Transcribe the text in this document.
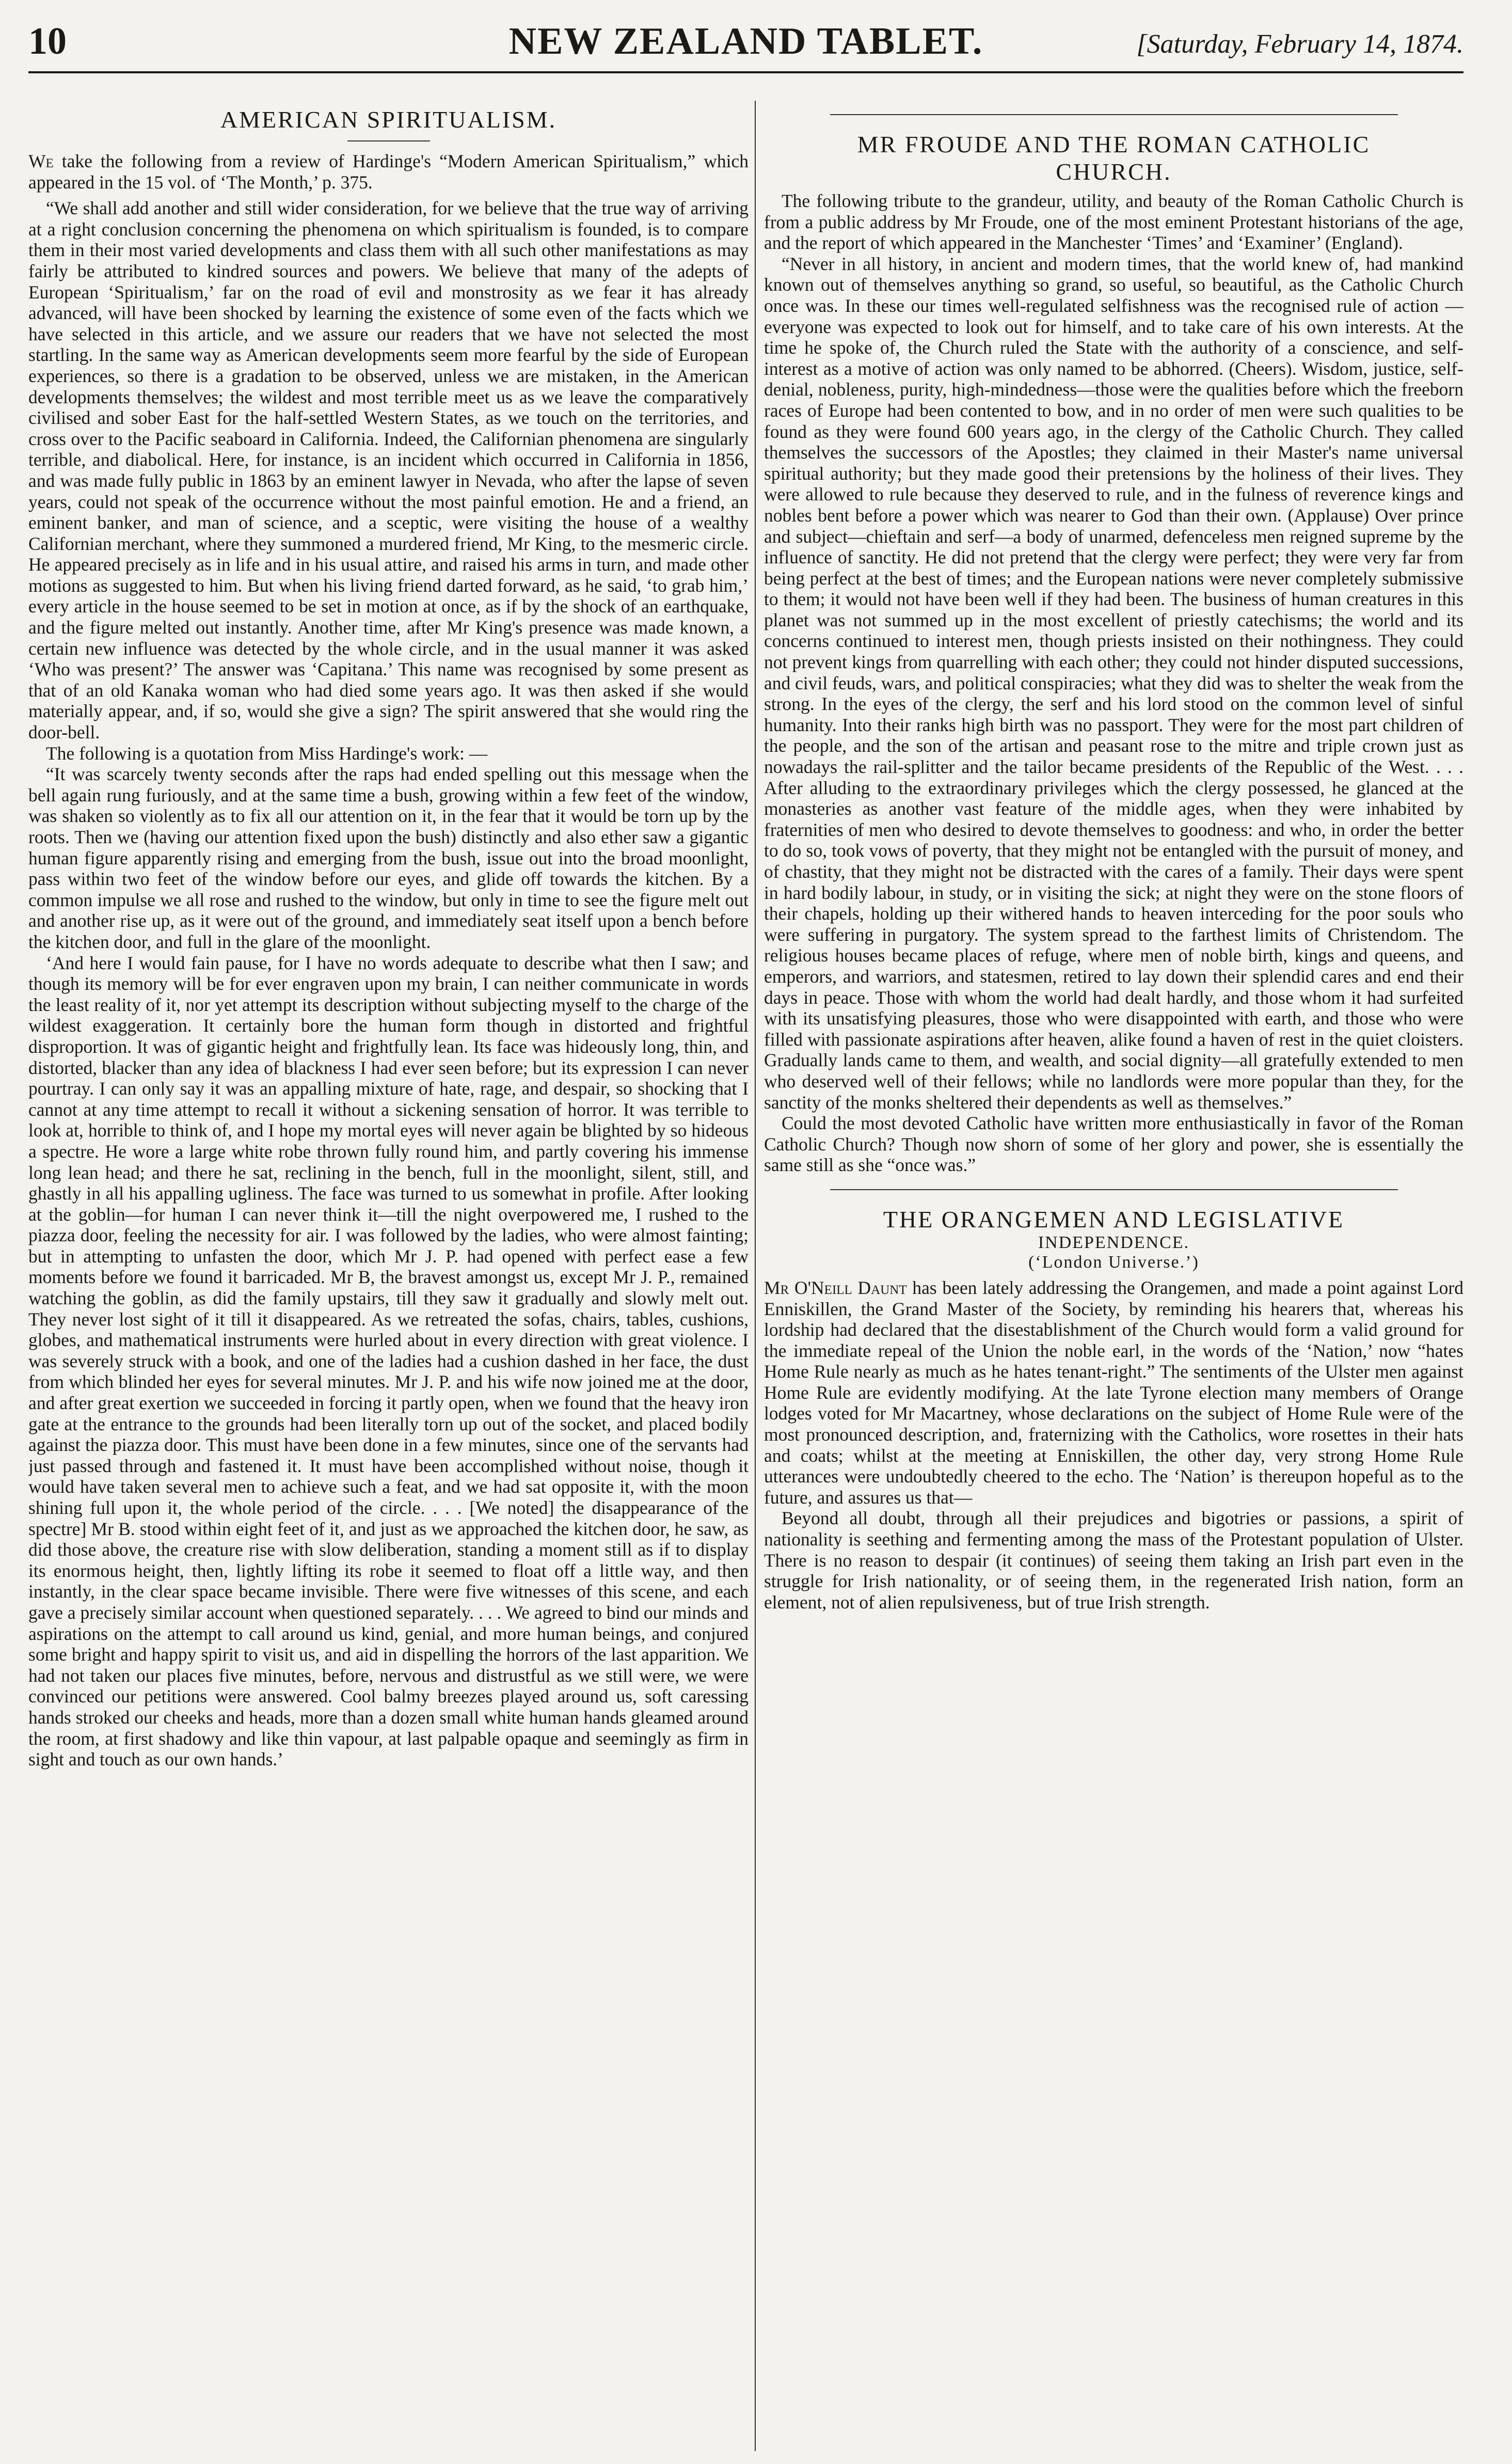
10	NEW ZEALAND TABLET.	[Saturday, February 14, 1874.
AMERICAN SPIRITUALISM.

We take the following from a review of Hardinge's “Modern American Spiritualism,” which appeared in the 15 vol. of ‘The Month,’ p. 375.

“We shall add another and still wider consideration, for we believe that the true way of arriving at a right conclusion concerning the phenomena on which spiritualism is founded, is to compare them in their most varied developments and class them with all such other manifestations as may fairly be attributed to kindred sources and powers. We believe that many of the adepts of European ‘Spiritualism,’ far on the road of evil and monstrosity as we fear it has already advanced, will have been shocked by learning the existence of some even of the facts which we have selected in this article, and we assure our readers that we have not selected the most startling. In the same way as American developments seem more fearful by the side of European experiences, so there is a gradation to be observed, unless we are mistaken, in the American developments themselves; the wildest and most terrible meet us as we leave the comparatively civilised and sober East for the half-settled Western States, as we touch on the territories, and cross over to the Pacific seaboard in California. Indeed, the Californian phenomena are singularly terrible, and diabolical. Here, for instance, is an incident which occurred in California in 1856, and was made fully public in 1863 by an eminent lawyer in Nevada, who after the lapse of seven years, could not speak of the occurrence without the most painful emotion. He and a friend, an eminent banker, and man of science, and a sceptic, were visiting the house of a wealthy Californian merchant, where they summoned a murdered friend, Mr King, to the mesmeric circle. He appeared precisely as in life and in his usual attire, and raised his arms in turn, and made other motions as suggested to him. But when his living friend darted forward, as he said, ‘to grab him,’ every article in the house seemed to be set in motion at once, as if by the shock of an earthquake, and the figure melted out instantly. Another time, after Mr King's presence was made known, a certain new influence was detected by the whole circle, and in the usual manner it was asked ‘Who was present?’ The answer was ‘Capitana.’ This name was recognised by some present as that of an old Kanaka woman who had died some years ago. It was then asked if she would materially appear, and, if so, would she give a sign? The spirit answered that she would ring the door-bell.

The following is a quotation from Miss Hardinge's work: —

“It was scarcely twenty seconds after the raps had ended spelling out this message when the bell again rung furiously, and at the same time a bush, growing within a few feet of the window, was shaken so violently as to fix all our attention on it, in the fear that it would be torn up by the roots. Then we (having our attention fixed upon the bush) distinctly and also ether saw a gigantic human figure apparently rising and emerging from the bush, issue out into the broad moonlight, pass within two feet of the window before our eyes, and glide off towards the kitchen. By a common impulse we all rose and rushed to the window, but only in time to see the figure melt out and another rise up, as it were out of the ground, and immediately seat itself upon a bench before the kitchen door, and full in the glare of the moonlight.

‘And here I would fain pause, for I have no words adequate to describe what then I saw; and though its memory will be for ever engraven upon my brain, I can neither communicate in words the least reality of it, nor yet attempt its description without subjecting myself to the charge of the wildest exaggeration. It certainly bore the human form though in distorted and frightful disproportion. It was of gigantic height and frightfully lean. Its face was hideously long, thin, and distorted, blacker than any idea of blackness I had ever seen before; but its expression I can never pourtray. I can only say it was an appalling mixture of hate, rage, and despair, so shocking that I cannot at any time attempt to recall it without a sickening sensation of horror. It was terrible to look at, horrible to think of, and I hope my mortal eyes will never again be blighted by so hideous a spectre. He wore a large white robe thrown fully round him, and partly covering his immense long lean head; and there he sat, reclining in the bench, full in the moonlight, silent, still, and ghastly in all his appalling ugliness. The face was turned to us somewhat in profile. After looking at the goblin—for human I can never think it—till the night overpowered me, I rushed to the piazza door, feeling the necessity for air. I was followed by the ladies, who were almost fainting; but in attempting to unfasten the door, which Mr J. P. had opened with perfect ease a few moments before we found it barricaded. Mr B, the bravest amongst us, except Mr J. P., remained watching the goblin, as did the family upstairs, till they saw it gradually and slowly melt out. They never lost sight of it till it disappeared. As we retreated the sofas, chairs, tables, cushions, globes, and mathematical instruments were hurled about in every direction with great violence. I was severely struck with a book, and one of the ladies had a cushion dashed in her face, the dust from which blinded her eyes for several minutes. Mr J. P. and his wife now joined me at the door, and after great exertion we succeeded in forcing it partly open, when we found that the heavy iron gate at the entrance to the grounds had been literally torn up out of the socket, and placed bodily against the piazza door. This must have been done in a few minutes, since one of the servants had just passed through and fastened it. It must have been accomplished without noise, though it would have taken several men to achieve such a feat, and we had sat opposite it, with the moon shining full upon it, the whole period of the circle. . . . [We noted] the disappearance of the spectre] Mr B. stood within eight feet of it, and just as we approached the kitchen door, he saw, as did those above, the creature rise with slow deliberation, standing a moment still as if to display its enormous height, then, lightly lifting its robe it seemed to float off a little way, and then instantly, in the clear space became invisible. There were five witnesses of this scene, and each gave a precisely similar account when questioned separately. . . . We agreed to bind our minds and aspirations on the attempt to call around us kind, genial, and more human beings, and conjured some bright and happy spirit to visit us, and aid in dispelling the horrors of the last apparition. We had not taken our places five minutes, before, nervous and distrustful as we still were, we were convinced our petitions were answered. Cool balmy breezes played around us, soft caressing hands stroked our cheeks and heads, more than a dozen small white human hands gleamed around the room, at first shadowy and like thin vapour, at last palpable opaque and seemingly as firm in sight and touch as our own hands.’

MR FROUDE AND THE ROMAN CATHOLIC
CHURCH.

The following tribute to the grandeur, utility, and beauty of the Roman Catholic Church is from a public address by Mr Froude, one of the most eminent Protestant historians of the age, and the report of which appeared in the Manchester ‘Times’ and ‘Examiner’ (England).

“Never in all history, in ancient and modern times, that the world knew of, had mankind known out of themselves anything so grand, so useful, so beautiful, as the Catholic Church once was. In these our times well-regulated selfishness was the recognised rule of action —everyone was expected to look out for himself, and to take care of his own interests. At the time he spoke of, the Church ruled the State with the authority of a conscience, and self-interest as a motive of action was only named to be abhorred. (Cheers). Wisdom, justice, self-denial, nobleness, purity, high-mindedness—those were the qualities before which the freeborn races of Europe had been contented to bow, and in no order of men were such qualities to be found as they were found 600 years ago, in the clergy of the Catholic Church. They called themselves the successors of the Apostles; they claimed in their Master's name universal spiritual authority; but they made good their pretensions by the holiness of their lives. They were allowed to rule because they deserved to rule, and in the fulness of reverence kings and nobles bent before a power which was nearer to God than their own. (Applause) Over prince and subject—chieftain and serf—a body of unarmed, defenceless men reigned supreme by the influence of sanctity. He did not pretend that the clergy were perfect; they were very far from being perfect at the best of times; and the European nations were never completely submissive to them; it would not have been well if they had been. The business of human creatures in this planet was not summed up in the most excellent of priestly catechisms; the world and its concerns continued to interest men, though priests insisted on their nothingness. They could not prevent kings from quarrelling with each other; they could not hinder disputed successions, and civil feuds, wars, and political conspiracies; what they did was to shelter the weak from the strong. In the eyes of the clergy, the serf and his lord stood on the common level of sinful humanity. Into their ranks high birth was no passport. They were for the most part children of the people, and the son of the artisan and peasant rose to the mitre and triple crown just as nowadays the rail-splitter and the tailor became presidents of the Republic of the West. . . . After alluding to the extraordinary privileges which the clergy possessed, he glanced at the monasteries as another vast feature of the middle ages, when they were inhabited by fraternities of men who desired to devote themselves to goodness: and who, in order the better to do so, took vows of poverty, that they might not be entangled with the pursuit of money, and of chastity, that they might not be distracted with the cares of a family. Their days were spent in hard bodily labour, in study, or in visiting the sick; at night they were on the stone floors of their chapels, holding up their withered hands to heaven interceding for the poor souls who were suffering in purgatory. The system spread to the farthest limits of Christendom. The religious houses became places of refuge, where men of noble birth, kings and queens, and emperors, and warriors, and statesmen, retired to lay down their splendid cares and end their days in peace. Those with whom the world had dealt hardly, and those whom it had surfeited with its unsatisfying pleasures, those who were disappointed with earth, and those who were filled with passionate aspirations after heaven, alike found a haven of rest in the quiet cloisters. Gradually lands came to them, and wealth, and social dignity—all gratefully extended to men who deserved well of their fellows; while no landlords were more popular than they, for the sanctity of the monks sheltered their dependents as well as themselves.”

Could the most devoted Catholic have written more enthusiastically in favor of the Roman Catholic Church? Though now shorn of some of her glory and power, she is essentially the same still as she “once was.”

THE ORANGEMEN AND LEGISLATIVE
INDEPENDENCE.
(‘London Universe.’)

Mr O'Neill Daunt has been lately addressing the Orangemen, and made a point against Lord Enniskillen, the Grand Master of the Society, by reminding his hearers that, whereas his lordship had declared that the disestablishment of the Church would form a valid ground for the immediate repeal of the Union the noble earl, in the words of the ‘Nation,’ now “hates Home Rule nearly as much as he hates tenant-right.” The sentiments of the Ulster men against Home Rule are evidently modifying. At the late Tyrone election many members of Orange lodges voted for Mr Macartney, whose declarations on the subject of Home Rule were of the most pronounced description, and, fraternizing with the Catholics, wore rosettes in their hats and coats; whilst at the meeting at Enniskillen, the other day, very strong Home Rule utterances were undoubtedly cheered to the echo. The ‘Nation’ is thereupon hopeful as to the future, and assures us that—

Beyond all doubt, through all their prejudices and bigotries or passions, a spirit of nationality is seething and fermenting among the mass of the Protestant population of Ulster. There is no reason to despair (it continues) of seeing them taking an Irish part even in the struggle for Irish nationality, or of seeing them, in the regenerated Irish nation, form an element, not of alien repulsiveness, but of true Irish strength.
